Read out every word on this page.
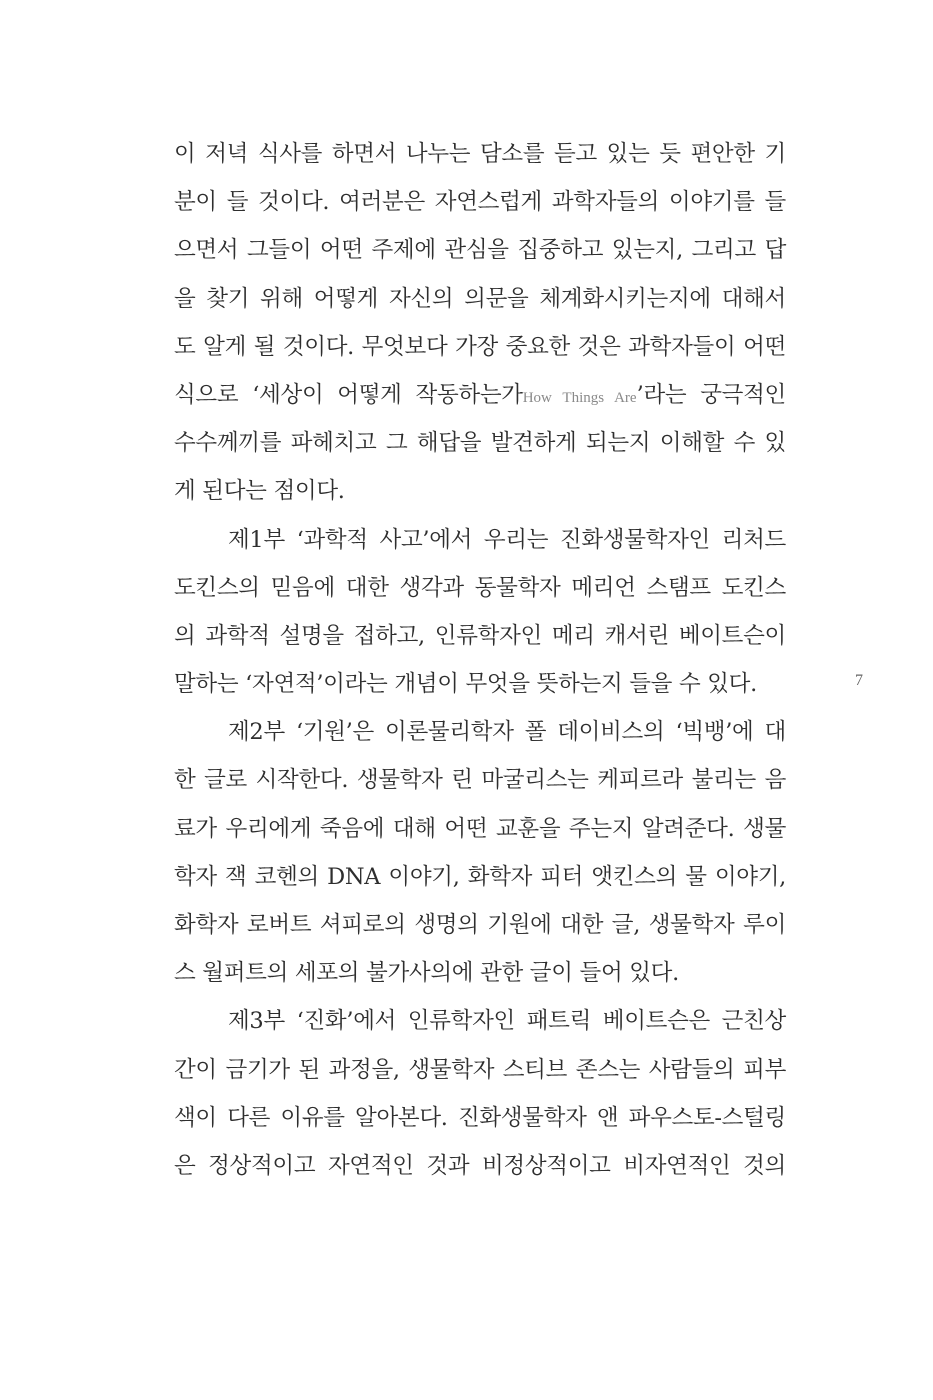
이 저녁 식사를 하면서 나누는 담소를 듣고 있는 듯 편안한 기
분이 들 것이다. 여러분은 자연스럽게 과학자들의 이야기를 들
으면서 그들이 어떤 주제에 관심을 집중하고 있는지, 그리고 답
을 찾기 위해 어떻게 자신의 의문을 체계화시키는지에 대해서
도 알게 될 것이다. 무엇보다 가장 중요한 것은 과학자들이 어떤
식으로 ‘세상이 어떻게 작동하는가How Things Are’라는 궁극적인
수수께끼를 파헤치고 그 해답을 발견하게 되는지 이해할 수 있
게 된다는 점이다.
제1부 ‘과학적 사고’에서 우리는 진화생물학자인 리처드
도킨스의 믿음에 대한 생각과 동물학자 메리언 스탬프 도킨스
의 과학적 설명을 접하고, 인류학자인 메리 캐서린 베이트슨이
말하는 ‘자연적’이라는 개념이 무엇을 뜻하는지 들을 수 있다.
제2부 ‘기원’은 이론물리학자 폴 데이비스의 ‘빅뱅’에 대
한 글로 시작한다. 생물학자 린 마굴리스는 케피르라 불리는 음
료가 우리에게 죽음에 대해 어떤 교훈을 주는지 알려준다. 생물
학자 잭 코헨의 DNA 이야기, 화학자 피터 앳킨스의 물 이야기,
화학자 로버트 셔피로의 생명의 기원에 대한 글, 생물학자 루이
스 월퍼트의 세포의 불가사의에 관한 글이 들어 있다.
제3부 ‘진화’에서 인류학자인 패트릭 베이트슨은 근친상
간이 금기가 된 과정을, 생물학자 스티브 존스는 사람들의 피부
색이 다른 이유를 알아본다. 진화생물학자 앤 파우스토-스털링
은 정상적이고 자연적인 것과 비정상적이고 비자연적인 것의
7
